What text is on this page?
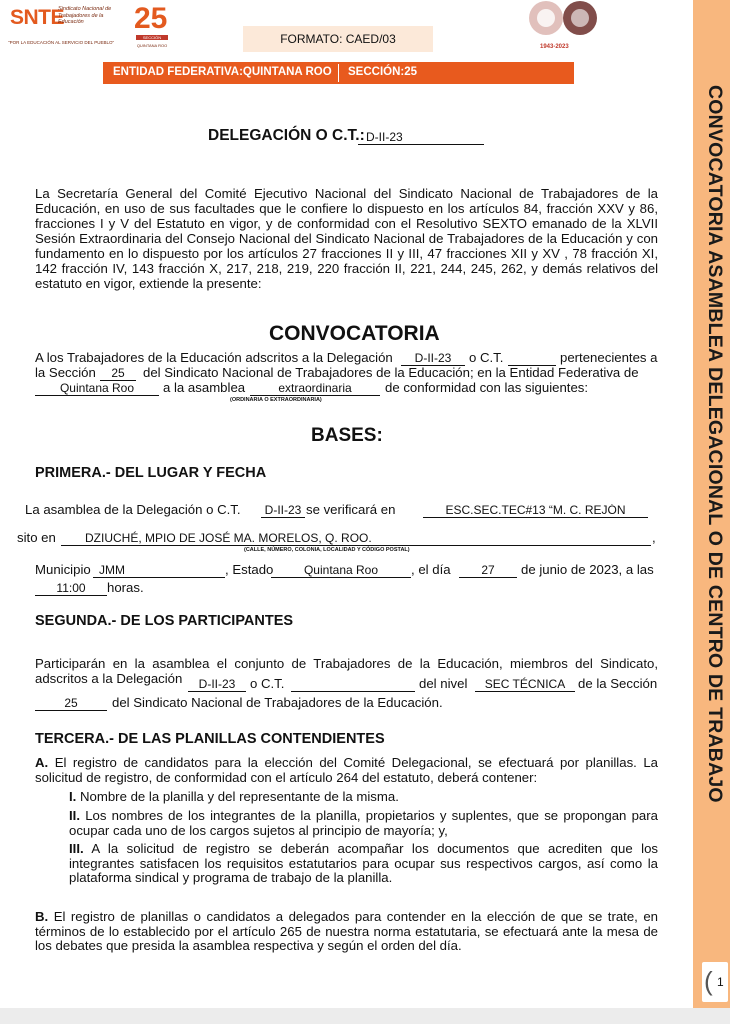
SNTE
Sindicato Nacional de Trabajadores de la Educación
"POR LA EDUCACIÓN AL SERVICIO DEL PUEBLO"
25
SECCIÓN
QUINTANA ROO	FORMATO: CAED/03
1943-2023
ENTIDAD FEDERATIVA:QUINTANA ROO SECCIÓN:25
CONVOCATORIA ASAMBLEA DELEGACIONAL O DE CENTRO DE TRABAJO
( 1
DELEGACIÓN O C.T.: D-II-23
La Secretaría General del Comité Ejecutivo Nacional del Sindicato Nacional de Trabajadores de la Educación, en uso de sus facultades que le confiere lo dispuesto en los artículos 84, fracción XXV y 86, fracciones I y V del Estatuto en vigor, y de conformidad con el Resolutivo SEXTO emanado de la XLVII Sesión Extraordinaria del Consejo Nacional del Sindicato Nacional de Trabajadores de la Educación y con fundamento en lo dispuesto por los artículos 27 fracciones II y III, 47 fracciones XII y XV , 78 fracción XI, 142 fracción IV, 143 fracción X, 217, 218, 219, 220 fracción II, 221, 244, 245, 262, y demás relativos del estatuto en vigor, extiende la presente:
CONVOCATORIA
A los Trabajadores de la Educación adscritos a la Delegación	D-II-23	o C.T.	pertenecientes a
la Sección	25	del Sindicato Nacional de Trabajadores de la Educación; en la Entidad Federativa de
Quintana Roo	a la asamblea	extraordinaria	de conformidad con las siguientes:
(ORDINARIA O EXTRAORDINARIA)
BASES:
PRIMERA.- DEL LUGAR Y FECHA
La asamblea de la Delegación o C.T.	D-II-23 se verificará en	ESC.SEC.TEC#13 “M. C. REJÓN
sito en	DZIUCHÉ, MPIO DE JOSÉ MA. MORELOS, Q. ROO.	,
(CALLE, NÚMERO, COLONIA, LOCALIDAD Y CÓDIGO POSTAL)
Municipio JMM	, Estado	Quintana Roo	, el día	27	de junio de 2023, a las
11:00	horas.
SEGUNDA.- DE LOS PARTICIPANTES
Participarán en la asamblea el conjunto de Trabajadores de la Educación, miembros del Sindicato, adscritos a la Delegación	D-II-23	o C.T.	del nivel	SEC TÉCNICA de la Sección
25	del Sindicato Nacional de Trabajadores de la Educación.
TERCERA.- DE LAS PLANILLAS CONTENDIENTES
A. El registro de candidatos para la elección del Comité Delegacional, se efectuará por planillas. La solicitud de registro, de conformidad con el artículo 264 del estatuto, deberá contener:
I. Nombre de la planilla y del representante de la misma.
II. Los nombres de los integrantes de la planilla, propietarios y suplentes, que se propongan para ocupar cada uno de los cargos sujetos al principio de mayoría; y,
III. A la solicitud de registro se deberán acompañar los documentos que acrediten que los integrantes satisfacen los requisitos estatutarios para ocupar sus respectivos cargos, así como la plataforma sindical y programa de trabajo de la planilla.
B. El registro de planillas o candidatos a delegados para contender en la elección de que se trate, en términos de lo establecido por el artículo 265 de nuestra norma estatutaria, se efectuará ante la mesa de los debates que presida la asamblea respectiva y según el orden del día.
